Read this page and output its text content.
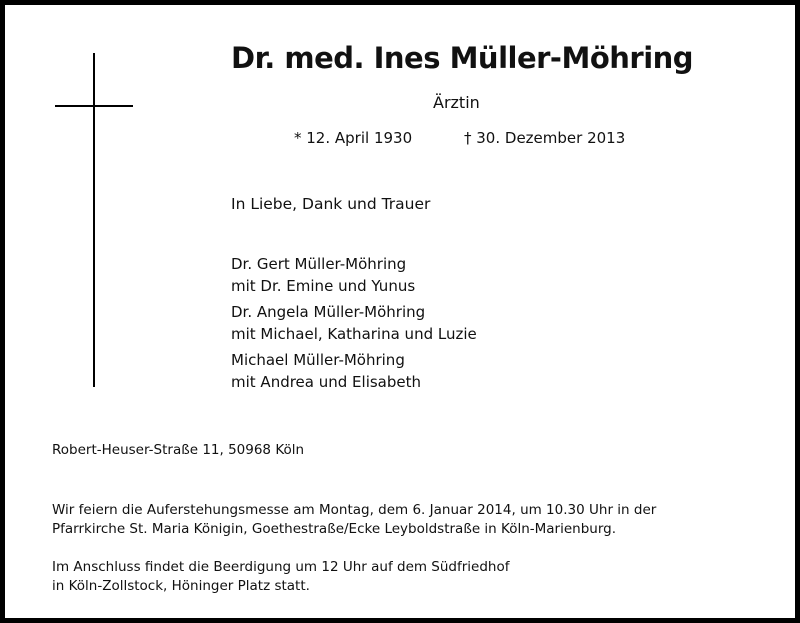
Dr. med. Ines Müller-Möhring
Ärztin
* 12. April 1930	† 30. Dezember 2013
In Liebe, Dank und Trauer
Dr. Gert Müller-Möhring
mit Dr. Emine und Yunus
Dr. Angela Müller-Möhring
mit Michael, Katharina und Luzie
Michael Müller-Möhring
mit Andrea und Elisabeth
Robert-Heuser-Straße 11, 50968 Köln
Wir feiern die Auferstehungsmesse am Montag, dem 6. Januar 2014, um 10.30 Uhr in der
Pfarrkirche St. Maria Königin, Goethestraße/Ecke Leyboldstraße in Köln-Marienburg.
Im Anschluss findet die Beerdigung um 12 Uhr auf dem Südfriedhof
in Köln-Zollstock, Höninger Platz statt.
